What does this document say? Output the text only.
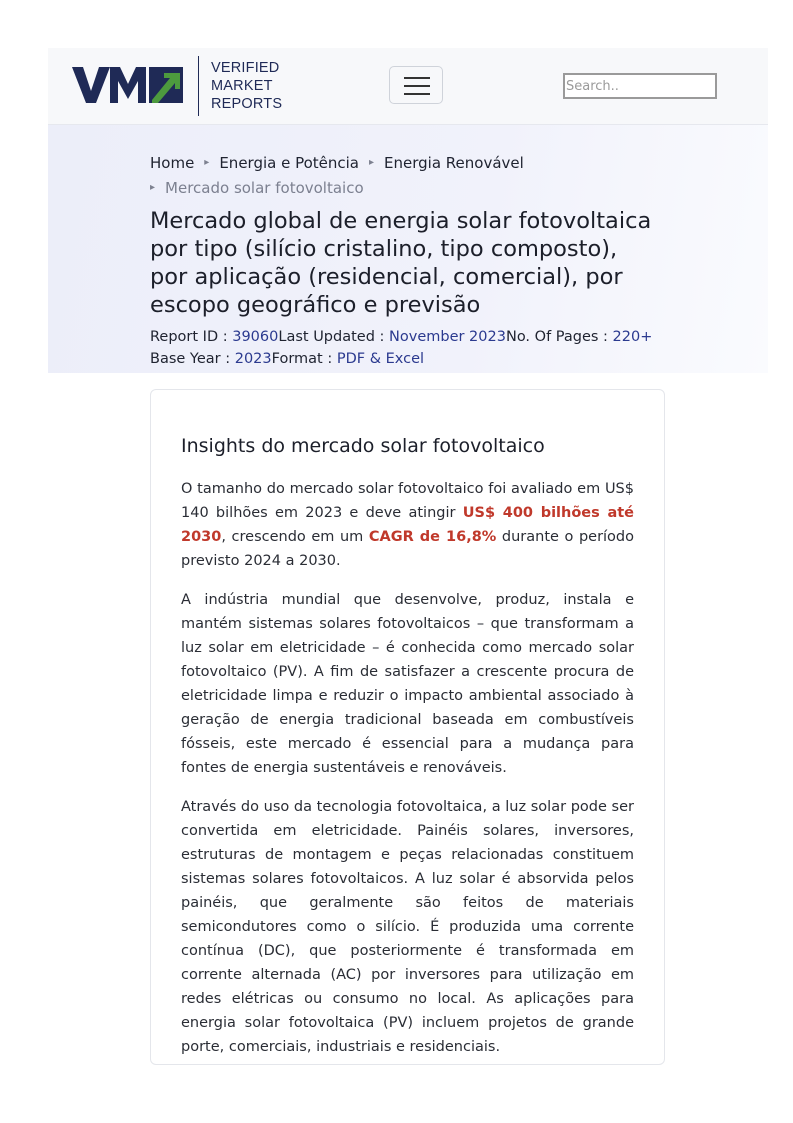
VERIFIED
MARKET
REPORTS
Search..
Home ▸ Energia e Potência ▸ Energia Renovável
▸ Mercado solar fotovoltaico
Mercado global de energia solar fotovoltaica por tipo (silício cristalino, tipo composto), por aplicação (residencial, comercial), por escopo geográfico e previsão
Report ID : 39060Last Updated : November 2023No. Of Pages : 220+
Base Year : 2023Format : PDF & Excel
Insights do mercado solar fotovoltaico

O tamanho do mercado solar fotovoltaico foi avaliado em US$ 140 bilhões em 2023 e deve atingir US$ 400 bilhões até 2030, crescendo em um CAGR de 16,8% durante o período previsto 2024 a 2030.

A indústria mundial que desenvolve, produz, instala e mantém sistemas solares fotovoltaicos – que transformam a luz solar em eletricidade – é conhecida como mercado solar fotovoltaico (PV). A fim de satisfazer a crescente procura de eletricidade limpa e reduzir o impacto ambiental associado à geração de energia tradicional baseada em combustíveis fósseis, este mercado é essencial para a mudança para fontes de energia sustentáveis e renováveis.

Através do uso da tecnologia fotovoltaica, a luz solar pode ser convertida em eletricidade. Painéis solares, inversores, estruturas de montagem e peças relacionadas constituem sistemas solares fotovoltaicos. A luz solar é absorvida pelos painéis, que geralmente são feitos de materiais semicondutores como o silício. É produzida uma corrente contínua (DC), que posteriormente é transformada em corrente alternada (AC) por inversores para utilização em redes elétricas ou consumo no local. As aplicações para energia solar fotovoltaica (PV) incluem projetos de grande porte, comerciais, industriais e residenciais.
